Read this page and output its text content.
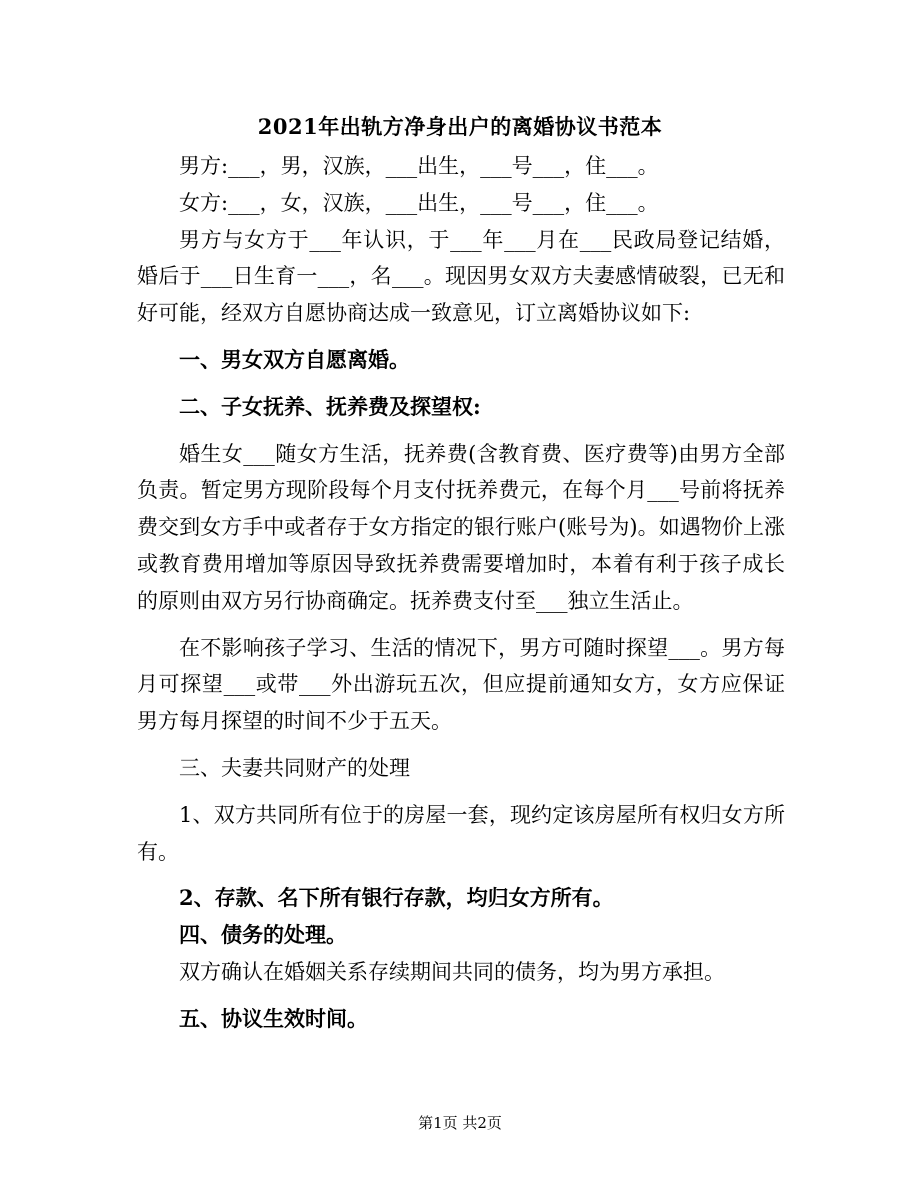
2021年出轨方净身出户的离婚协议书范本

男方:___，男，汉族，___出生，___号___，住___。

女方:___，女，汉族，___出生，___号___，住___。

男方与女方于___年认识，于___年___月在___民政局登记结婚，婚后于___日生育一___，名___。现因男女双方夫妻感情破裂，已无和好可能，经双方自愿协商达成一致意见，订立离婚协议如下:

一、男女双方自愿离婚。

二、子女抚养、抚养费及探望权:

婚生女___随女方生活，抚养费(含教育费、医疗费等)由男方全部负责。暂定男方现阶段每个月支付抚养费元，在每个月___号前将抚养费交到女方手中或者存于女方指定的银行账户(账号为)。如遇物价上涨或教育费用增加等原因导致抚养费需要增加时，本着有利于孩子成长的原则由双方另行协商确定。抚养费支付至___独立生活止。

在不影响孩子学习、生活的情况下，男方可随时探望___。男方每月可探望___或带___外出游玩五次，但应提前通知女方，女方应保证男方每月探望的时间不少于五天。

三、夫妻共同财产的处理

1、双方共同所有位于的房屋一套，现约定该房屋所有权归女方所有。

2、存款、名下所有银行存款，均归女方所有。

四、债务的处理。

双方确认在婚姻关系存续期间共同的债务，均为男方承担。

五、协议生效时间。

第1页 共2页
